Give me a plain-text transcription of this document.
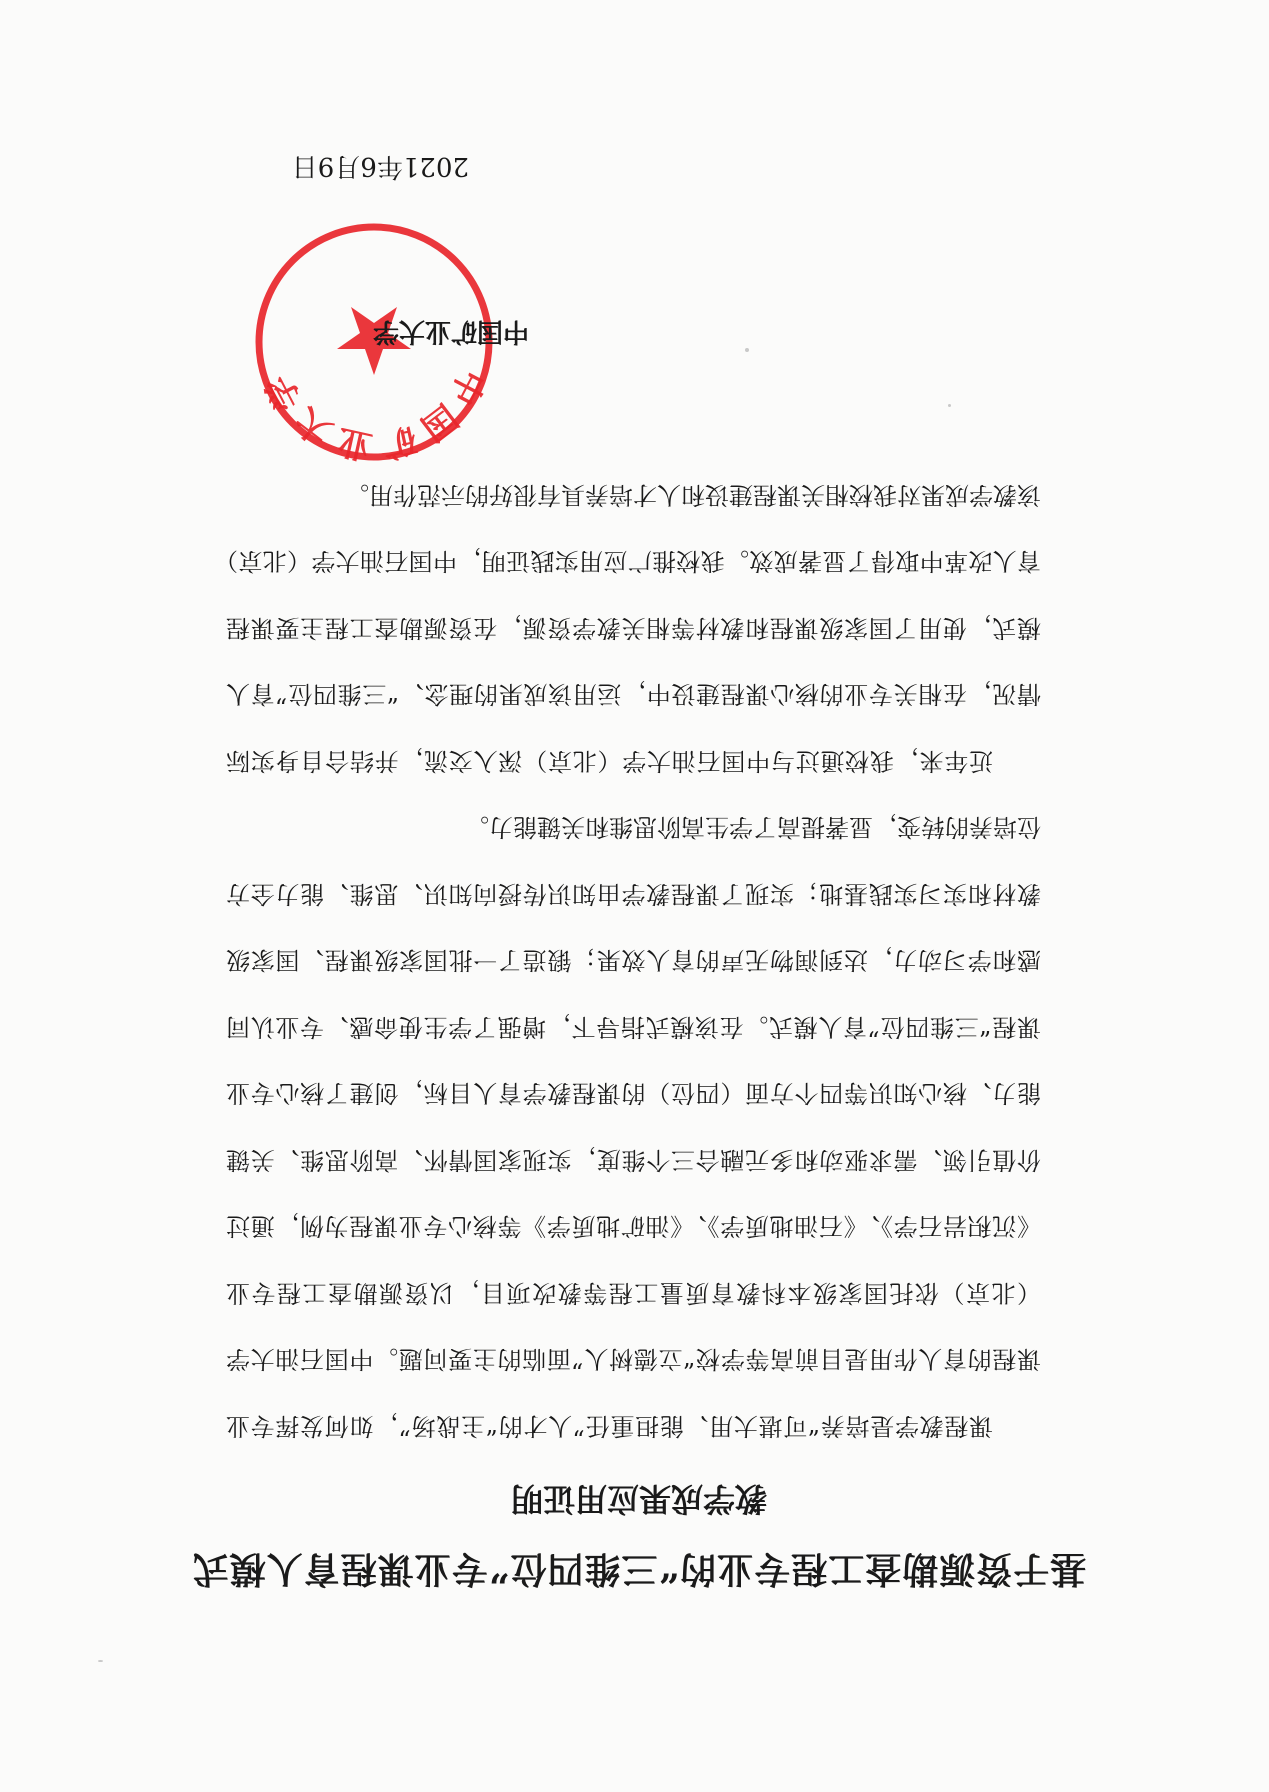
基于资源勘查工程专业的“三维四位”专业课程育人模式
教学成果应用证明

课程教学是培养“可堪大用、能担重任”人才的“主战场”，如何发挥专业课程的育人作用是目前高等学校“立德树人”面临的主要问题。中国石油大学（北京）依托国家级本科教育质量工程等教改项目，以资源勘查工程专业《沉积岩石学》、《石油地质学》、《油矿地质学》等核心专业课程为例，通过价值引领、需求驱动和多元融合三个维度，实现家国情怀、高阶思维、关键能力、核心知识等四个方面（四位）的课程教学育人目标，创建了核心专业课程“三维四位”育人模式。在该模式指导下，增强了学生使命感、专业认同感和学习动力，达到润物无声的育人效果；锻造了一批国家级课程、国家级教材和实习实践基地；实现了课程教学由知识传授向知识、思维、能力全方位培养的转变，显著提高了学生高阶思维和关键能力。

近年来，我校通过与中国石油大学（北京）深入交流，并结合自身实际情况，在相关专业的核心课程建设中，运用该成果的理念、“三维四位”育人模式，使用了国家级课程和教材等相关教学资源，在资源勘查工程主要课程育人改革中取得了显著成效。我校推广应用实践证明，中国石油大学（北京）该教学成果对我校相关课程建设和人才培养具有很好的示范作用。

中国矿业大学
中国矿业大学
2021年6月9日
